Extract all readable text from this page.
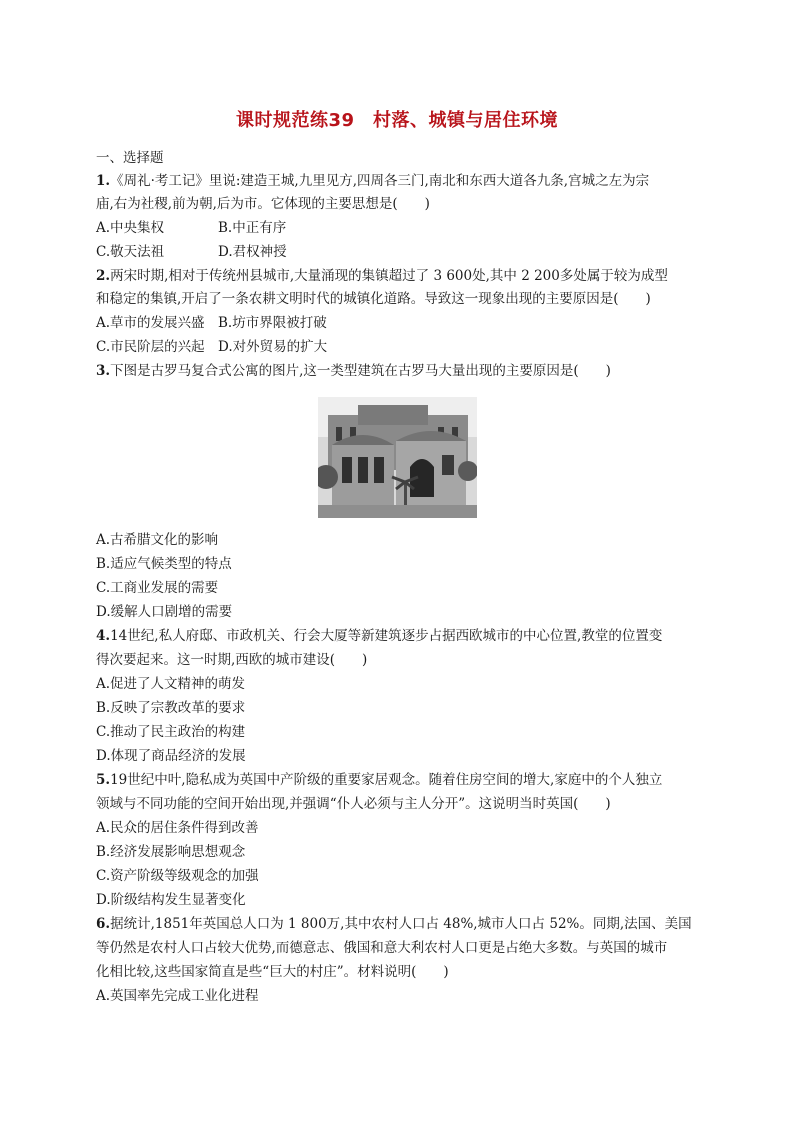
课时规范练39　村落、城镇与居住环境
一、选择题
1.《周礼·考工记》里说:建造王城,九里见方,四周各三门,南北和东西大道各九条,宫城之左为宗
庙,右为社稷,前为朝,后为市。它体现的主要思想是(　　)
A.中央集权	B.中正有序
C.敬天法祖	D.君权神授
2.两宋时期,相对于传统州县城市,大量涌现的集镇超过了 3 600处,其中 2 200多处属于较为成型
和稳定的集镇,开启了一条农耕文明时代的城镇化道路。导致这一现象出现的主要原因是(　　)
A.草市的发展兴盛 B.坊市界限被打破
C.市民阶层的兴起 D.对外贸易的扩大
3.下图是古罗马复合式公寓的图片,这一类型建筑在古罗马大量出现的主要原因是(　　)
A.古希腊文化的影响
B.适应气候类型的特点
C.工商业发展的需要
D.缓解人口剧增的需要
4.14世纪,私人府邸、市政机关、行会大厦等新建筑逐步占据西欧城市的中心位置,教堂的位置变
得次要起来。这一时期,西欧的城市建设(　　)
A.促进了人文精神的萌发
B.反映了宗教改革的要求
C.推动了民主政治的构建
D.体现了商品经济的发展
5.19世纪中叶,隐私成为英国中产阶级的重要家居观念。随着住房空间的增大,家庭中的个人独立
领域与不同功能的空间开始出现,并强调“仆人必须与主人分开”。这说明当时英国(　　)
A.民众的居住条件得到改善
B.经济发展影响思想观念
C.资产阶级等级观念的加强
D.阶级结构发生显著变化
6.据统计,1851年英国总人口为 1 800万,其中农村人口占 48%,城市人口占 52%。同期,法国、美国
等仍然是农村人口占较大优势,而德意志、俄国和意大利农村人口更是占绝大多数。与英国的城市
化相比较,这些国家简直是些“巨大的村庄”。材料说明(　　)
A.英国率先完成工业化进程
